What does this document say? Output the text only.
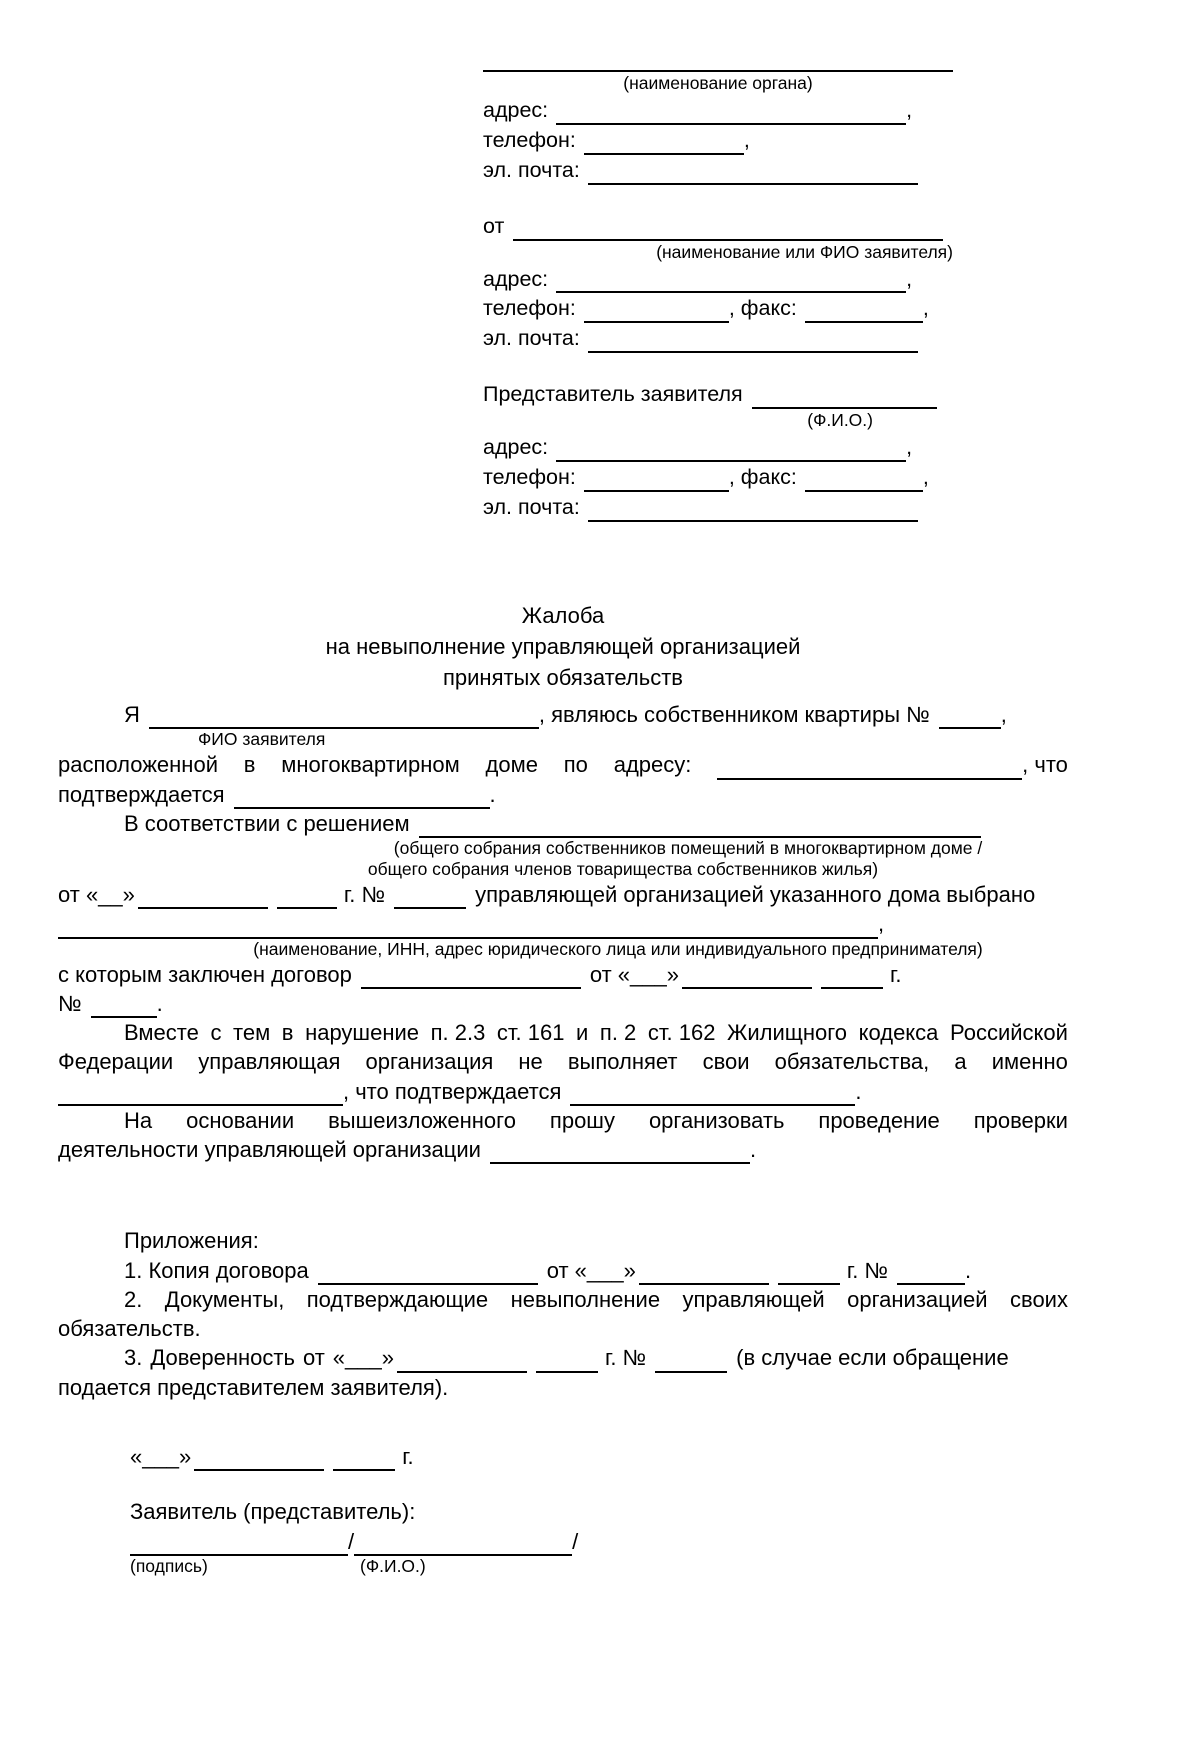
(наименование органа)
адрес:	,
телефон:	,
эл. почта:
от
(наименование или ФИО заявителя)
адрес:	,
телефон:	, факс:	,
эл. почта:
Представитель заявителя
(Ф.И.О.)
адрес:	,
телефон:	, факс:	,
эл. почта:
Жалоба
на невыполнение управляющей организацией
принятых обязательств
Я	, являюсь собственником квартиры №	,
ФИО заявителя
расположенной в многоквартирном доме по адресу:	, что
подтверждается	.
В соответствии с решением
(общего собрания собственников помещений в многоквартирном доме /
общего собрания членов товарищества собственников жилья)
от «__»	г. №	управляющей организацией указанного дома выбрано
,
(наименование, ИНН, адрес юридического лица или индивидуального предпринимателя)
с которым заключен договор	от «___»	г.
№	.
Вместе с тем в нарушение п. 2.3 ст. 161 и п. 2 ст. 162 Жилищного кодекса Российской
Федерации управляющая организация не выполняет свои обязательства, а именно
, что подтверждается	.
На основании вышеизложенного прошу организовать проведение проверки
деятельности управляющей организации	.
Приложения:
1. Копия договора	от «___»	г. №	.
2. Документы, подтверждающие невыполнение управляющей организацией своих
обязательств.
3. Доверенность от «___»	г. №	(в случае если обращение
подается представителем заявителя).
«___»	г.
Заявитель (представитель):
/	/
(подпись)	(Ф.И.О.)
